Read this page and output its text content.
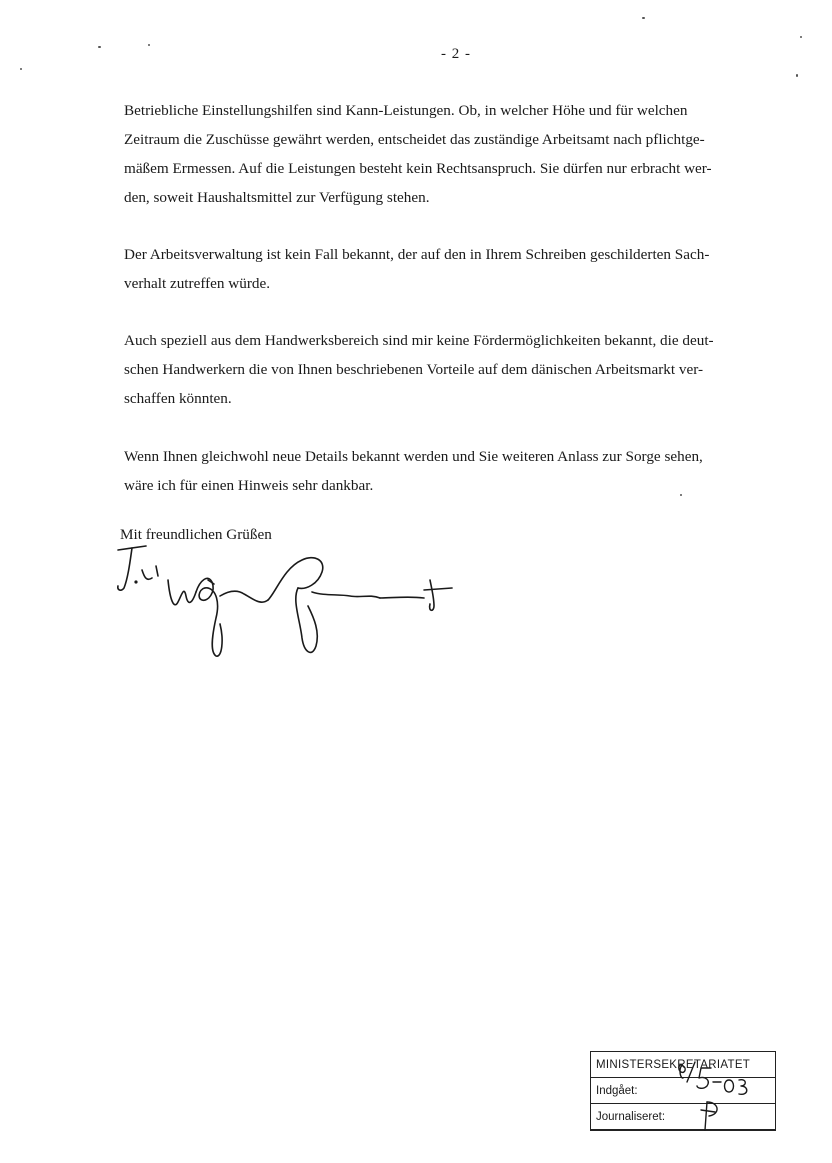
- 2 -
Betriebliche Einstellungshilfen sind Kann-Leistungen. Ob, in welcher Höhe und für welchen
Zeitraum die Zuschüsse gewährt werden, entscheidet das zuständige Arbeitsamt nach pflichtge-
mäßem Ermessen. Auf die Leistungen besteht kein Rechtsanspruch. Sie dürfen nur erbracht wer-
den, soweit Haushaltsmittel zur Verfügung stehen.
Der Arbeitsverwaltung ist kein Fall bekannt, der auf den in Ihrem Schreiben geschilderten Sach-
verhalt zutreffen würde.
Auch speziell aus dem Handwerksbereich sind mir keine Fördermöglichkeiten bekannt, die deut-
schen Handwerkern die von Ihnen beschriebenen Vorteile auf dem dänischen Arbeitsmarkt ver-
schaffen könnten.
Wenn Ihnen gleichwohl neue Details bekannt werden und Sie weiteren Anlass zur Sorge sehen,
wäre ich für einen Hinweis sehr dankbar.
Mit freundlichen Grüßen
MINISTERSEKRETARIATET
Indgået:
Journaliseret:
